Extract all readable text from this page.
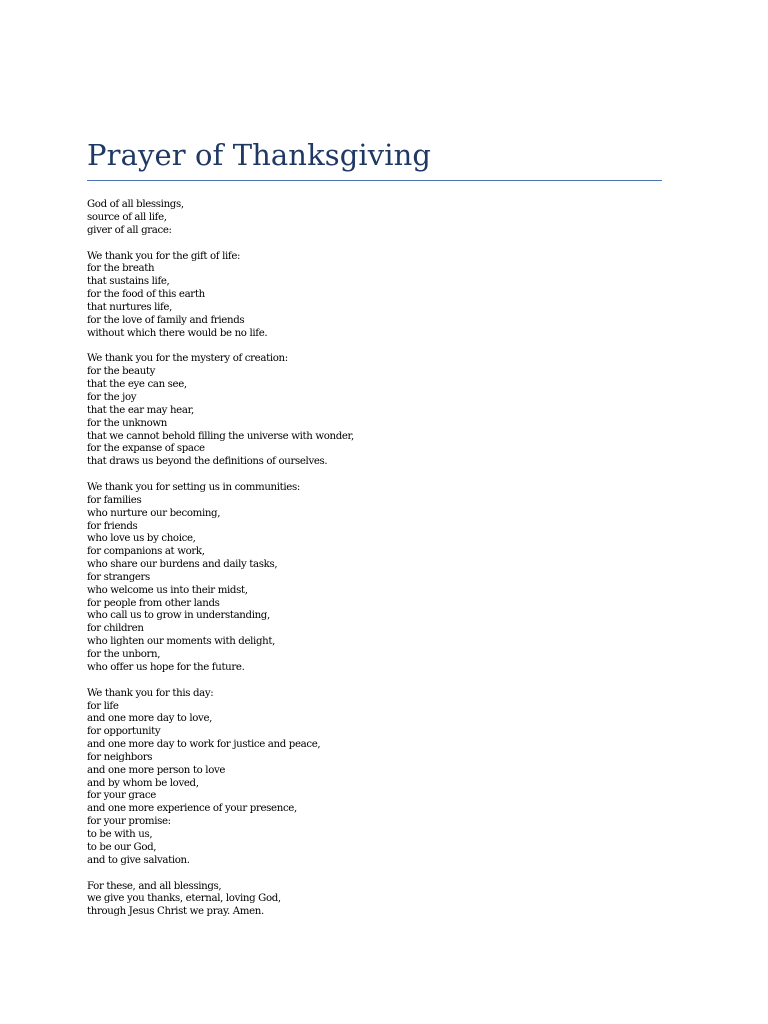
Prayer of Thanksgiving
God of all blessings,
source of all life,
giver of all grace:
We thank you for the gift of life:
for the breath
that sustains life,
for the food of this earth
that nurtures life,
for the love of family and friends
without which there would be no life.
We thank you for the mystery of creation:
for the beauty
that the eye can see,
for the joy
that the ear may hear,
for the unknown
that we cannot behold filling the universe with wonder,
for the expanse of space
that draws us beyond the definitions of ourselves.
We thank you for setting us in communities:
for families
who nurture our becoming,
for friends
who love us by choice,
for companions at work,
who share our burdens and daily tasks,
for strangers
who welcome us into their midst,
for people from other lands
who call us to grow in understanding,
for children
who lighten our moments with delight,
for the unborn,
who offer us hope for the future.
We thank you for this day:
for life
and one more day to love,
for opportunity
and one more day to work for justice and peace,
for neighbors
and one more person to love
and by whom be loved,
for your grace
and one more experience of your presence,
for your promise:
to be with us,
to be our God,
and to give salvation.
For these, and all blessings,
we give you thanks, eternal, loving God,
through Jesus Christ we pray. Amen.
